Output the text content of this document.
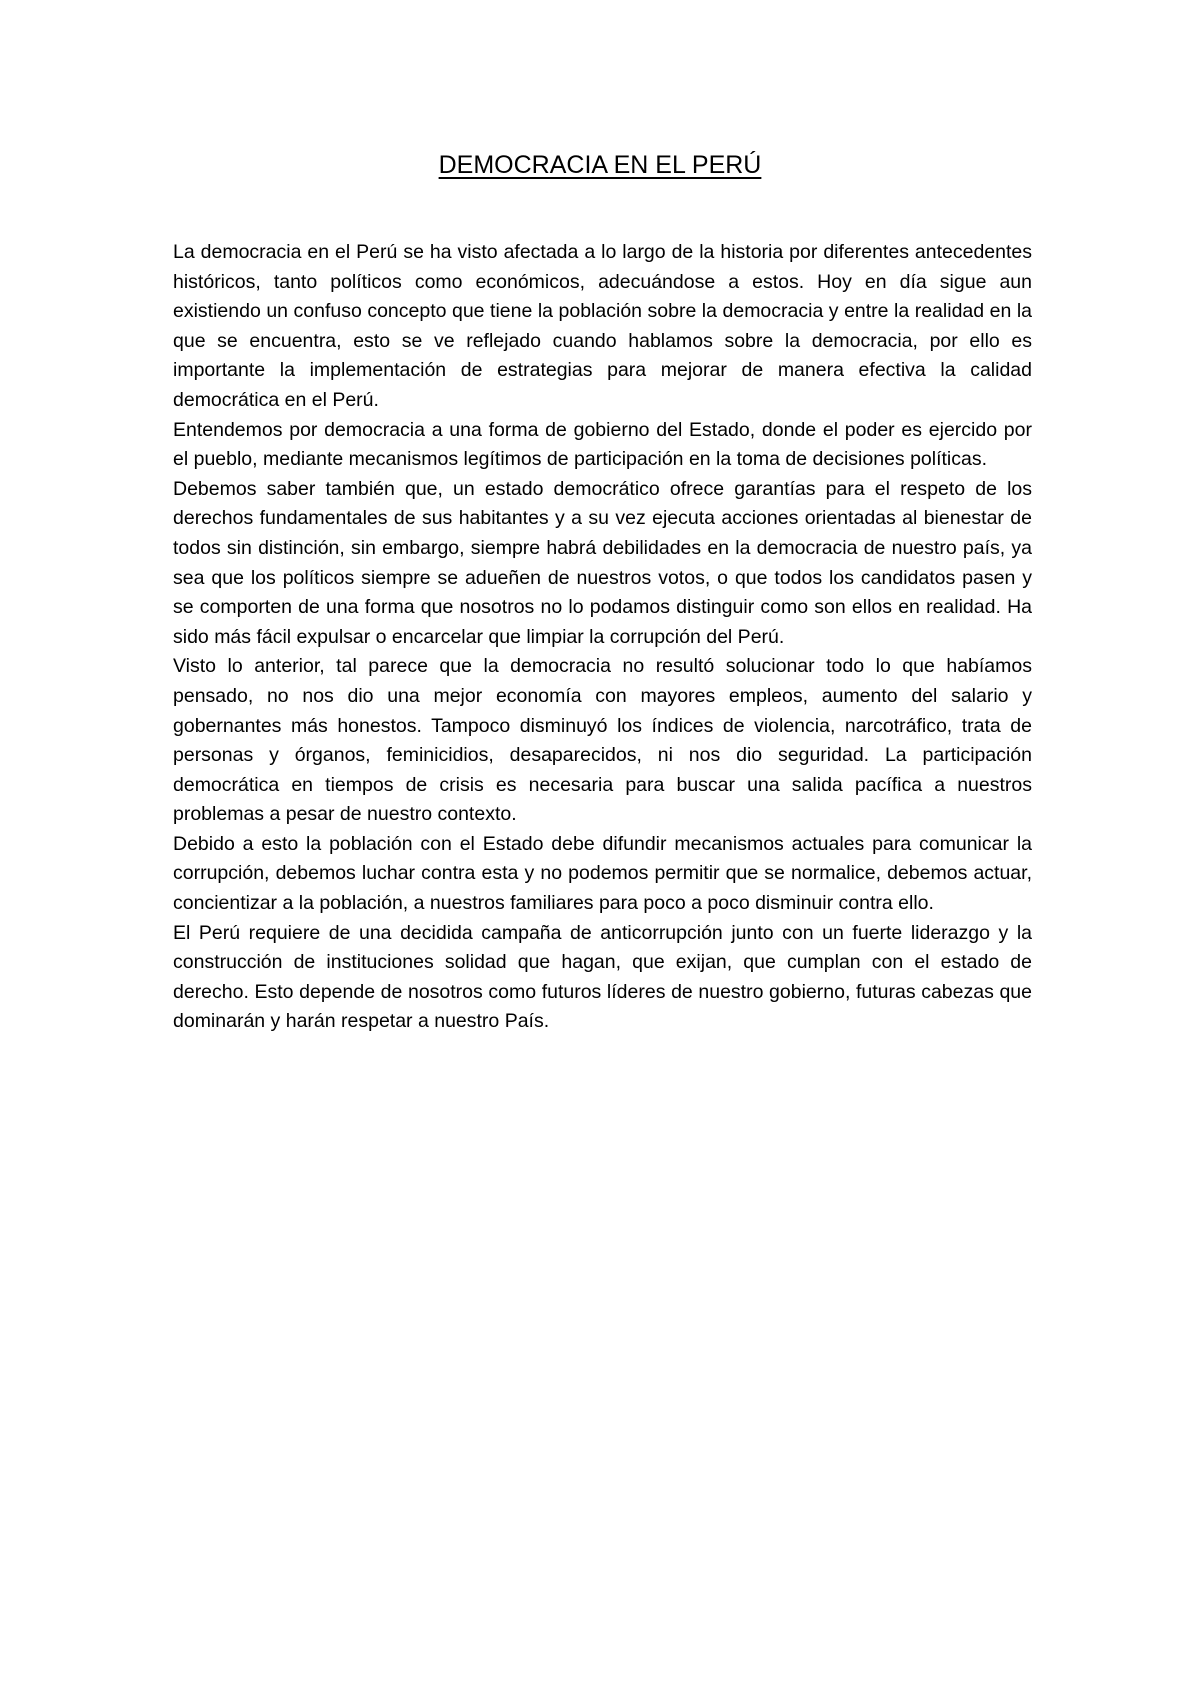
DEMOCRACIA EN EL PERÚ

La democracia en el Perú se ha visto afectada a lo largo de la historia por diferentes antecedentes históricos, tanto políticos como económicos, adecuándose a estos. Hoy en día sigue aun existiendo un confuso concepto que tiene la población sobre la democracia y entre la realidad en la que se encuentra, esto se ve reflejado cuando hablamos sobre la democracia, por ello es importante la implementación de estrategias para mejorar de manera efectiva la calidad democrática en el Perú.

Entendemos por democracia a una forma de gobierno del Estado, donde el poder es ejercido por el pueblo, mediante mecanismos legítimos de participación en la toma de decisiones políticas.

Debemos saber también que, un estado democrático ofrece garantías para el respeto de los derechos fundamentales de sus habitantes y a su vez ejecuta acciones orientadas al bienestar de todos sin distinción, sin embargo, siempre habrá debilidades en la democracia de nuestro país, ya sea que los políticos siempre se adueñen de nuestros votos, o que todos los candidatos pasen y se comporten de una forma que nosotros no lo podamos distinguir como son ellos en realidad. Ha sido más fácil expulsar o encarcelar que limpiar la corrupción del Perú.

Visto lo anterior, tal parece que la democracia no resultó solucionar todo lo que habíamos pensado, no nos dio una mejor economía con mayores empleos, aumento del salario y gobernantes más honestos. Tampoco disminuyó los índices de violencia, narcotráfico, trata de personas y órganos, feminicidios, desaparecidos, ni nos dio seguridad. La participación democrática en tiempos de crisis es necesaria para buscar una salida pacífica a nuestros problemas a pesar de nuestro contexto.

Debido a esto la población con el Estado debe difundir mecanismos actuales para comunicar la corrupción, debemos luchar contra esta y no podemos permitir que se normalice, debemos actuar, concientizar a la población, a nuestros familiares para poco a poco disminuir contra ello.

El Perú requiere de una decidida campaña de anticorrupción junto con un fuerte liderazgo y la construcción de instituciones solidad que hagan, que exijan, que cumplan con el estado de derecho. Esto depende de nosotros como futuros líderes de nuestro gobierno, futuras cabezas que dominarán y harán respetar a nuestro País.
